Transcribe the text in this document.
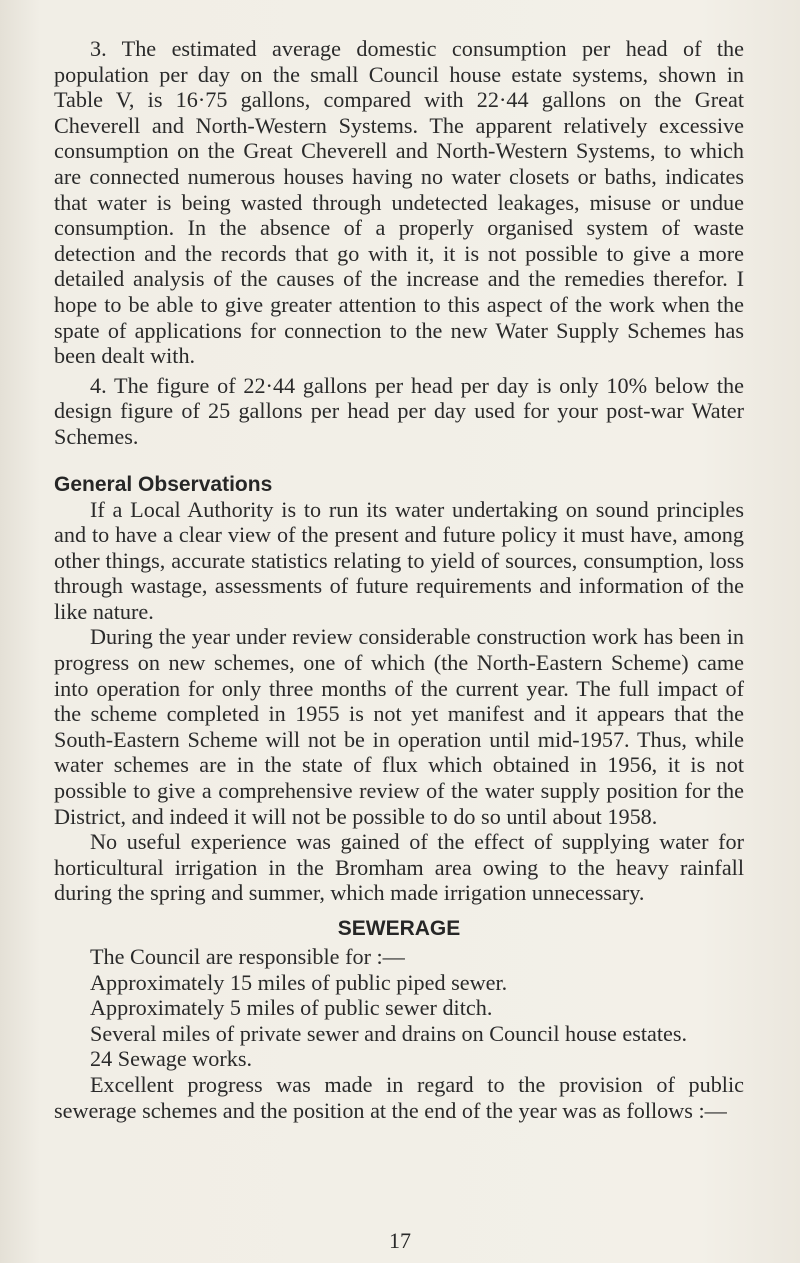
3. The estimated average domestic consumption per head of the population per day on the small Council house estate systems, shown in Table V, is 16·75 gallons, compared with 22·44 gallons on the Great Cheverell and North-Western Systems. The apparent relatively excessive consumption on the Great Cheverell and North-Western Systems, to which are connected numerous houses having no water closets or baths, indicates that water is being wasted through undetected leakages, misuse or undue consumption. In the absence of a properly organised system of waste detection and the records that go with it, it is not possible to give a more detailed analysis of the causes of the increase and the remedies therefor. I hope to be able to give greater attention to this aspect of the work when the spate of applications for connection to the new Water Supply Schemes has been dealt with.

4. The figure of 22·44 gallons per head per day is only 10% below the design figure of 25 gallons per head per day used for your post-war Water Schemes.

General Observations

If a Local Authority is to run its water undertaking on sound principles and to have a clear view of the present and future policy it must have, among other things, accurate statistics relating to yield of sources, consumption, loss through wastage, assessments of future requirements and information of the like nature.

During the year under review considerable construction work has been in progress on new schemes, one of which (the North-Eastern Scheme) came into operation for only three months of the current year. The full impact of the scheme completed in 1955 is not yet manifest and it appears that the South-Eastern Scheme will not be in operation until mid-1957. Thus, while water schemes are in the state of flux which obtained in 1956, it is not possible to give a comprehensive review of the water supply position for the District, and indeed it will not be possible to do so until about 1958.

No useful experience was gained of the effect of supplying water for horticultural irrigation in the Bromham area owing to the heavy rainfall during the spring and summer, which made irrigation unnecessary.

SEWERAGE

The Council are responsible for :—

Approximately 15 miles of public piped sewer.

Approximately 5 miles of public sewer ditch.

Several miles of private sewer and drains on Council house estates.

24 Sewage works.

Excellent progress was made in regard to the provision of public sewerage schemes and the position at the end of the year was as follows :—

17
